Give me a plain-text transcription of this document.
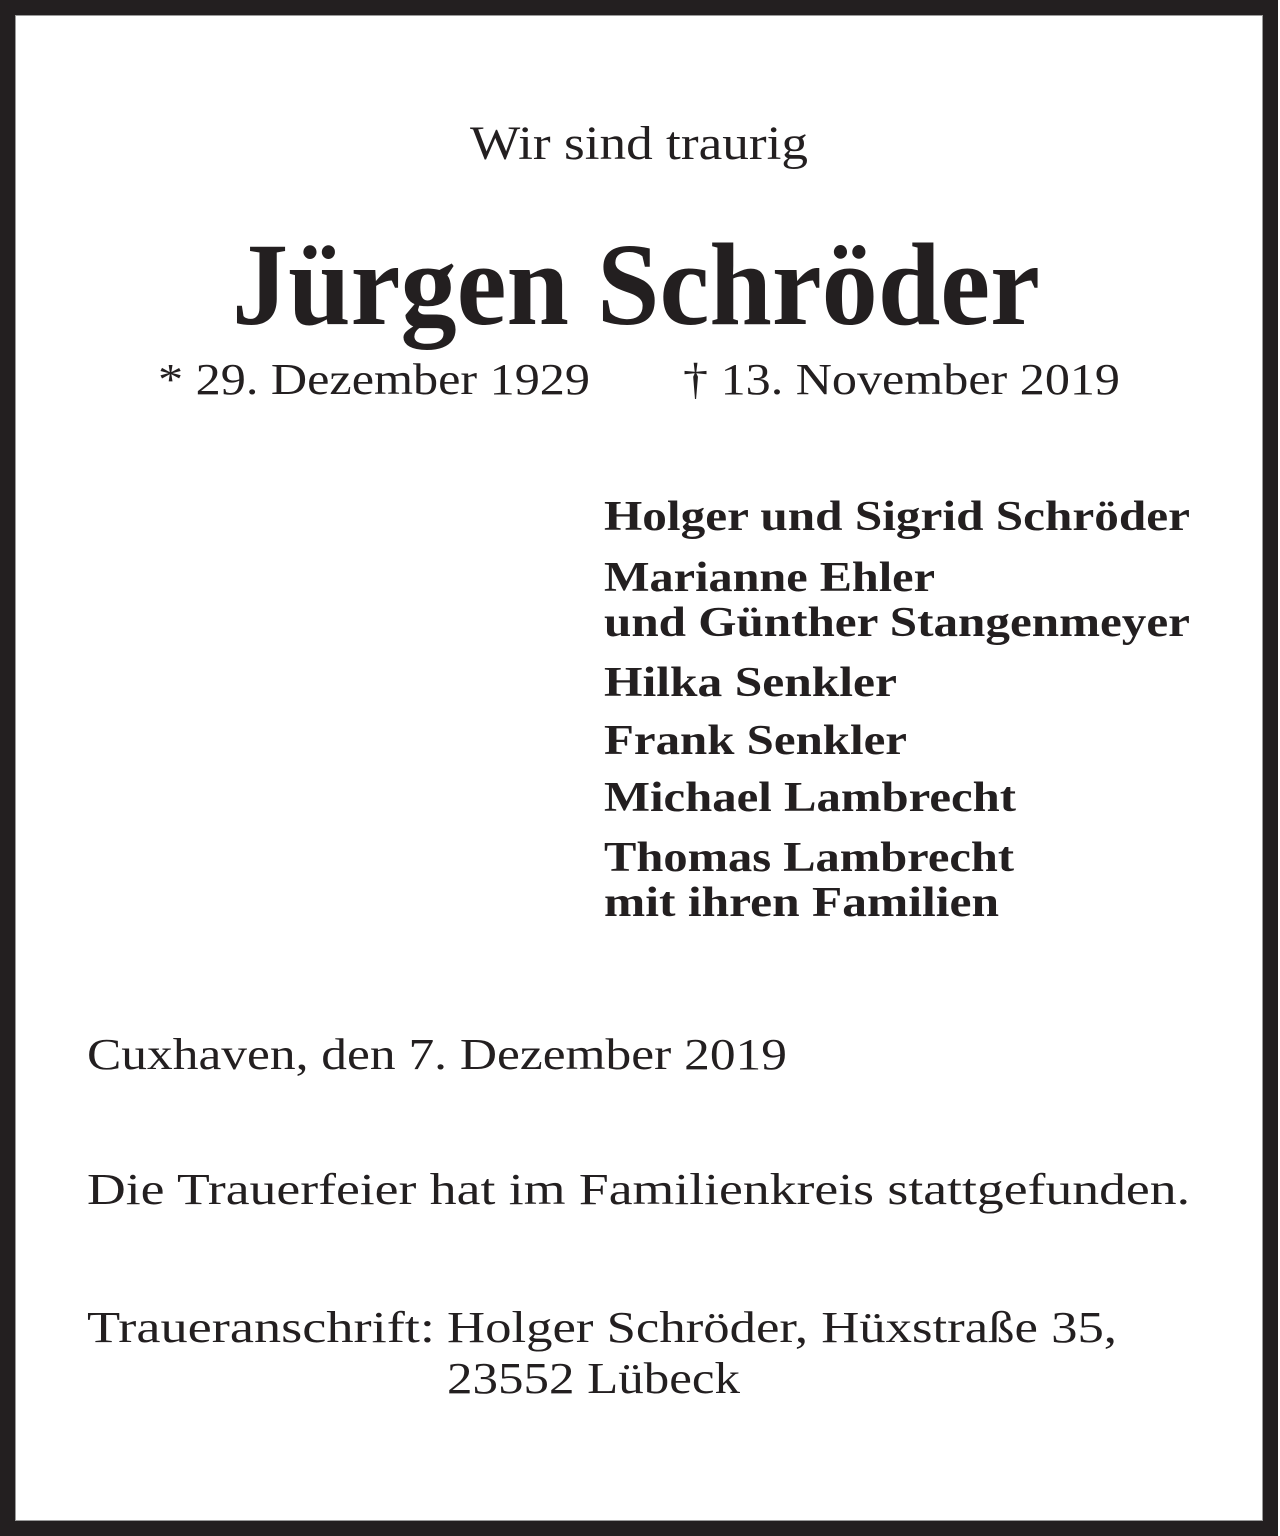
Wir sind traurig
Jürgen Schröder
* 29. Dezember 1929 † 13. November 2019
Holger und Sigrid Schröder
Marianne Ehler
und Günther Stangenmeyer
Hilka Senkler
Frank Senkler
Michael Lambrecht
Thomas Lambrecht
mit ihren Familien
Cuxhaven, den 7. Dezember 2019
Die Trauerfeier hat im Familienkreis stattgefunden.
Traueranschrift: Holger Schröder, Hüxstraße 35,
23552 Lübeck
